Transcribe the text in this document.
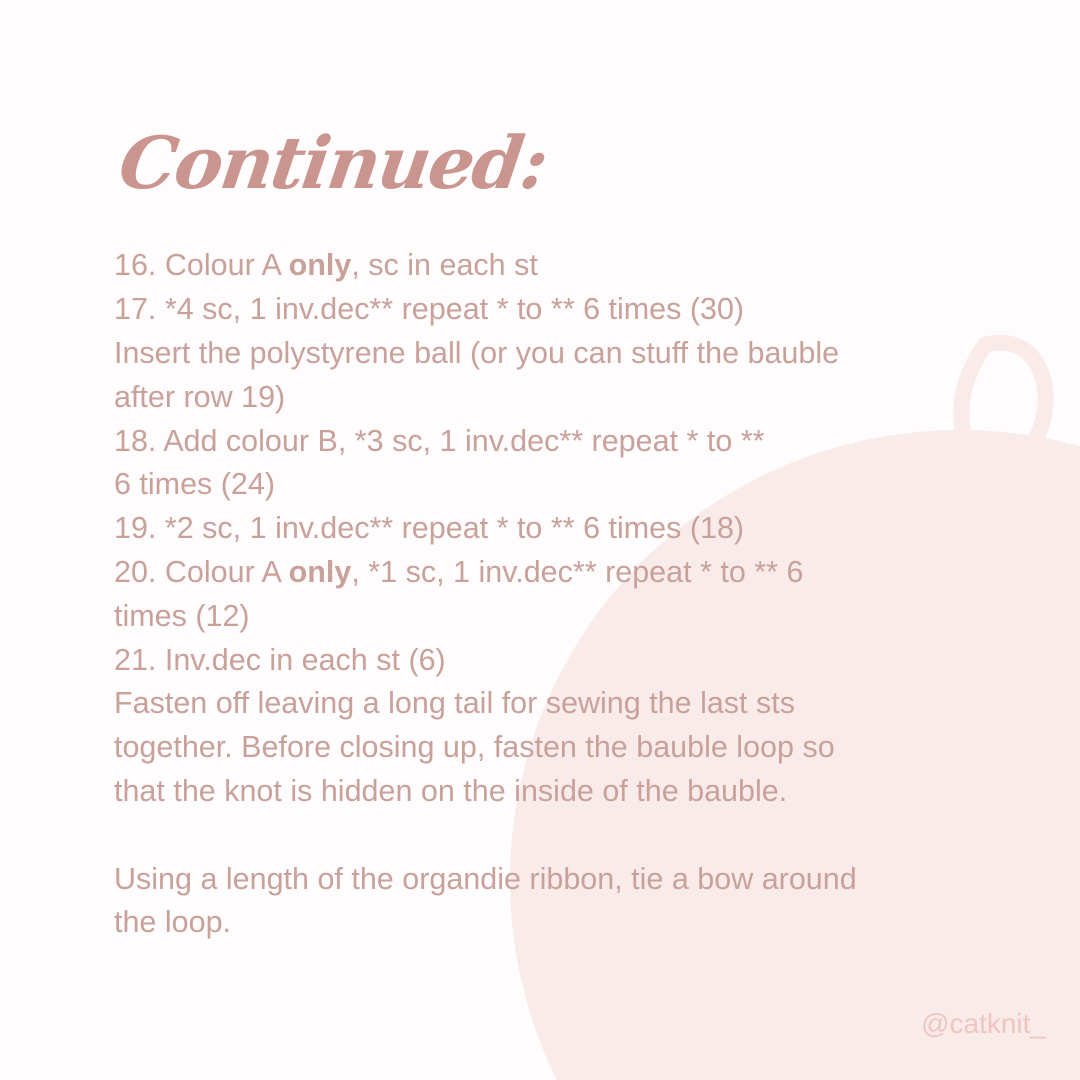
Continued:
16. Colour A only, sc in each st
17. *4 sc, 1 inv.dec** repeat * to ** 6 times (30)
Insert the polystyrene ball (or you can stuff the bauble
after row 19)
18. Add colour B, *3 sc, 1 inv.dec** repeat * to **
6 times (24)
19. *2 sc, 1 inv.dec** repeat * to ** 6 times (18)
20. Colour A only, *1 sc, 1 inv.dec** repeat * to ** 6
times (12)
21. Inv.dec in each st (6)
Fasten off leaving a long tail for sewing the last sts
together. Before closing up, fasten the bauble loop so
that the knot is hidden on the inside of the bauble.
Using a length of the organdie ribbon, tie a bow around
the loop.
@catknit_
